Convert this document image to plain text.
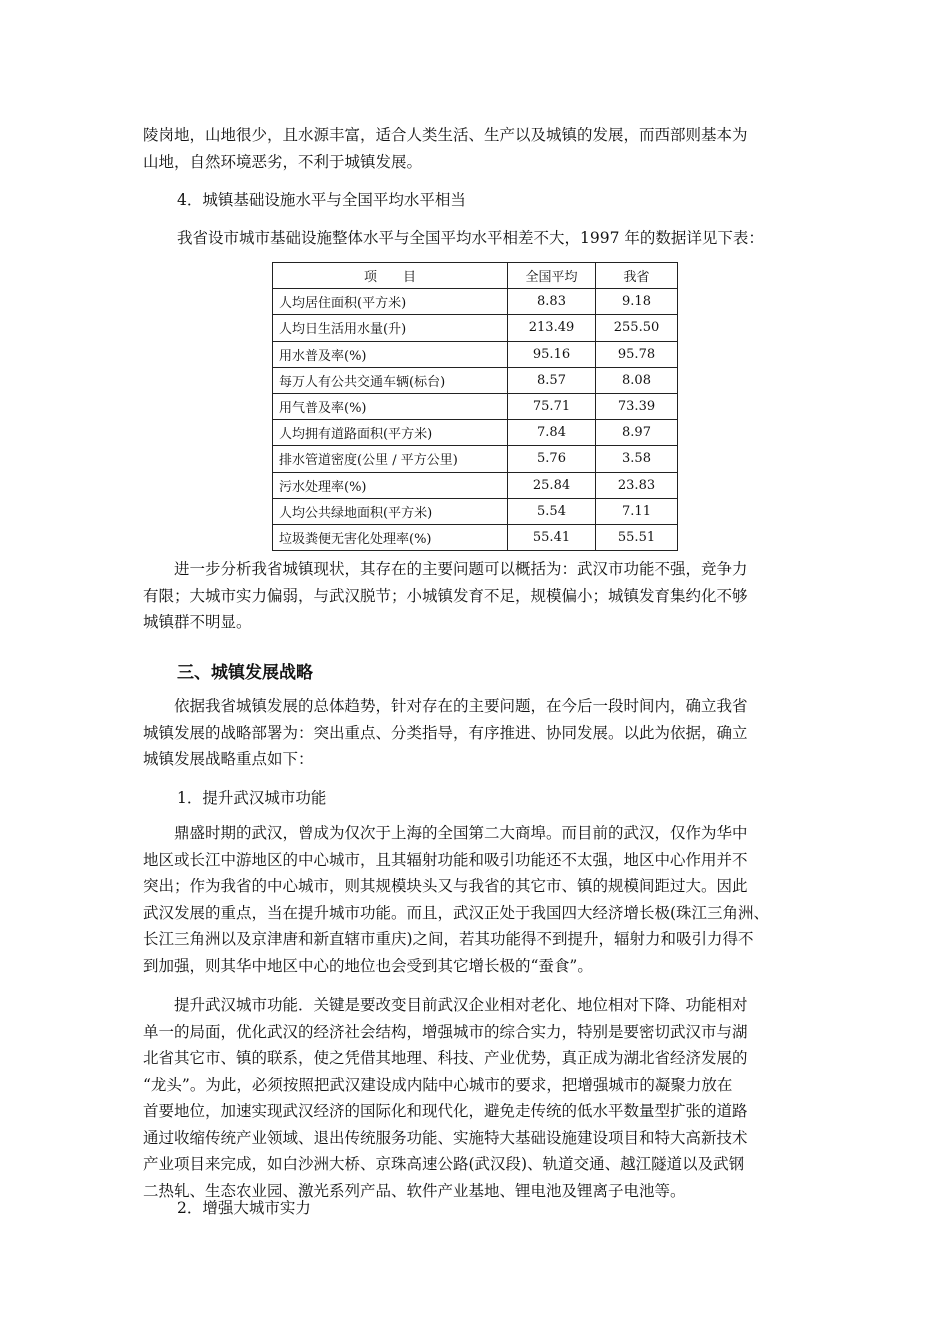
陵岗地，山地很少，且水源丰富，适合人类生活、生产以及城镇的发展，而西部则基本为
山地，自然环境恶劣，不利于城镇发展。

4．城镇基础设施水平与全国平均水平相当

我省设市城市基础设施整体水平与全国平均水平相差不大，1997 年的数据详见下表：

项　　目	全国平均	我省
人均居住面积(平方米)	8.83	9.18
人均日生活用水量(升)	213.49	255.50
用水普及率(%)	95.16	95.78
每万人有公共交通车辆(标台)	8.57	8.08
用气普及率(%)	75.71	73.39
人均拥有道路面积(平方米)	7.84	8.97
排水管道密度(公里 / 平方公里)	5.76	3.58
污水处理率(%)	25.84	23.83
人均公共绿地面积(平方米)	5.54	7.11
垃圾粪便无害化处理率(%)	55.41	55.51
　　进一步分析我省城镇现状，其存在的主要问题可以概括为：武汉市功能不强，竞争力
有限；大城市实力偏弱，与武汉脱节；小城镇发育不足，规模偏小；城镇发育集约化不够
城镇群不明显。
三、城镇发展战略
　　依据我省城镇发展的总体趋势，针对存在的主要问题，在今后一段时间内，确立我省
城镇发展的战略部署为：突出重点、分类指导，有序推进、协同发展。以此为依据，确立
城镇发展战略重点如下：

1．提升武汉城市功能

　　鼎盛时期的武汉，曾成为仅次于上海的全国第二大商埠。而目前的武汉，仅作为华中
地区或长江中游地区的中心城市，且其辐射功能和吸引功能还不太强，地区中心作用并不
突出；作为我省的中心城市，则其规模块头又与我省的其它市、镇的规模间距过大。因此
武汉发展的重点，当在提升城市功能。而且，武汉正处于我国四大经济增长极(珠江三角洲、
长江三角洲以及京津唐和新直辖市重庆)之间，若其功能得不到提升，辐射力和吸引力得不
到加强，则其华中地区中心的地位也会受到其它增长极的“蚕食”。
　　提升武汉城市功能．关键是要改变目前武汉企业相对老化、地位相对下降、功能相对
单一的局面，优化武汉的经济社会结构，增强城市的综合实力，特别是要密切武汉市与湖
北省其它市、镇的联系，使之凭借其地理、科技、产业优势，真正成为湖北省经济发展的
“龙头”。为此，必须按照把武汉建设成内陆中心城市的要求，把增强城市的凝聚力放在
首要地位，加速实现武汉经济的国际化和现代化，避免走传统的低水平数量型扩张的道路
通过收缩传统产业领域、退出传统服务功能、实施特大基础设施建设项目和特大高新技术
产业项目来完成，如白沙洲大桥、京珠高速公路(武汉段)、轨道交通、越江隧道以及武钢
二热轧、生态农业园、激光系列产品、软件产业基地、锂电池及锂离子电池等。

2．增强大城市实力
